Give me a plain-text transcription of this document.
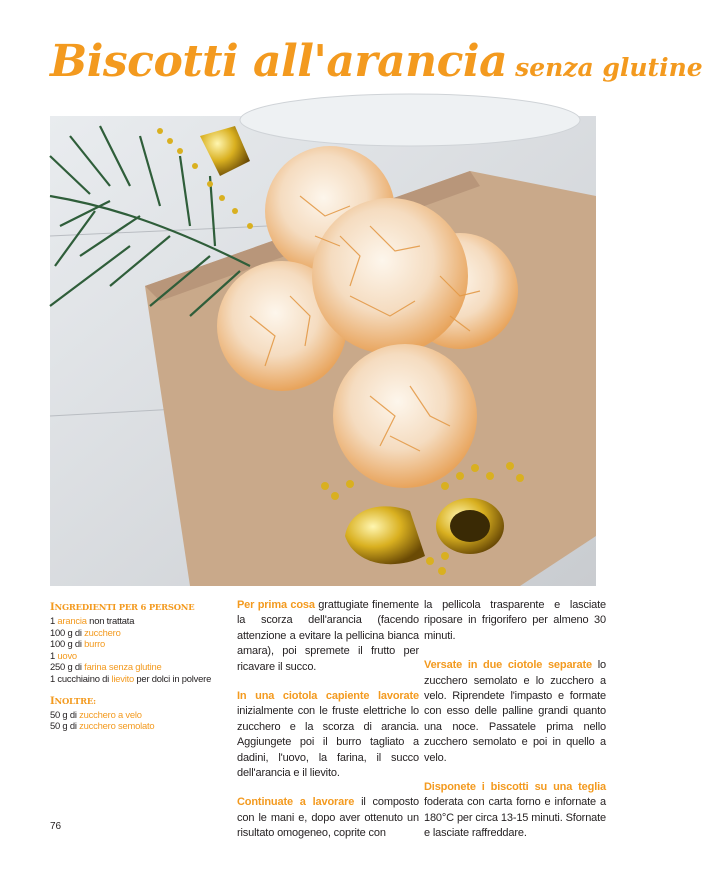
Biscotti all'arancia senza glutine
INGREDIENTI PER 6 PERSONE
1 arancia non trattata
100 g di zucchero
100 g di burro
1 uovo
250 g di farina senza glutine
1 cucchiaino di lievito per dolci in polvere
INOLTRE:
50 g di zucchero a velo
50 g di zucchero semolato

Per prima cosa grattugiate finemente la scorza dell'arancia (facendo attenzione a evitare la pellicina bianca amara), poi spremete il frutto per ricavare il succo.

In una ciotola capiente lavorate inizialmente con le fruste elettriche lo zucchero e la scorza di arancia. Aggiungete poi il burro tagliato a dadini, l'uovo, la farina, il succo dell'arancia e il lievito.

Continuate a lavorare il composto con le mani e, dopo aver ottenuto un risultato omogeneo, coprite con

la pellicola trasparente e lasciate riposare in frigorifero per almeno 30 minuti.

Versate in due ciotole separate lo zucchero semolato e lo zucchero a velo. Riprendete l'impasto e formate con esso delle palline grandi quanto una noce. Passatele prima nello zucchero semolato e poi in quello a velo.

Disponete i biscotti su una teglia foderata con carta forno e infornate a 180°C per circa 13-15 minuti. Sfornate e lasciate raffreddare.

76
